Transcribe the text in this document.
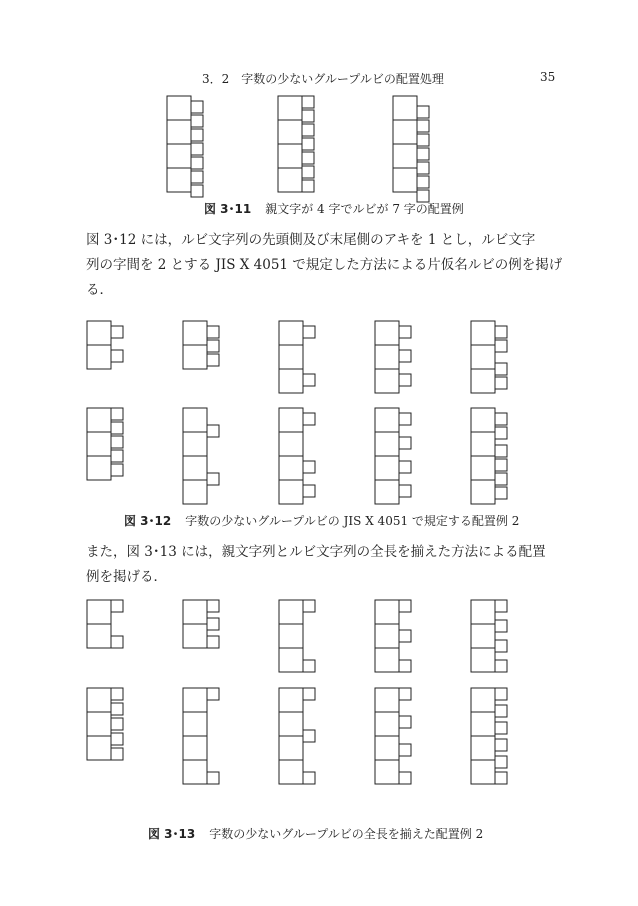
3．2　字数の少ないグループルビの配置処理	35
図 3･11 親文字が 4 字でルビが 7 字の配置例
図 3･12 には，ルビ文字列の先頭側及び末尾側のアキを 1 とし，ルビ文字
列の字間を 2 とする JIS X 4051 で規定した方法による片仮名ルビの例を掲げ
る．
図 3･12 字数の少ないグループルビの JIS X 4051 で規定する配置例 2
また，図 3･13 には，親文字列とルビ文字列の全長を揃えた方法による配置
例を掲げる．
図 3･13 字数の少ないグループルビの全長を揃えた配置例 2
